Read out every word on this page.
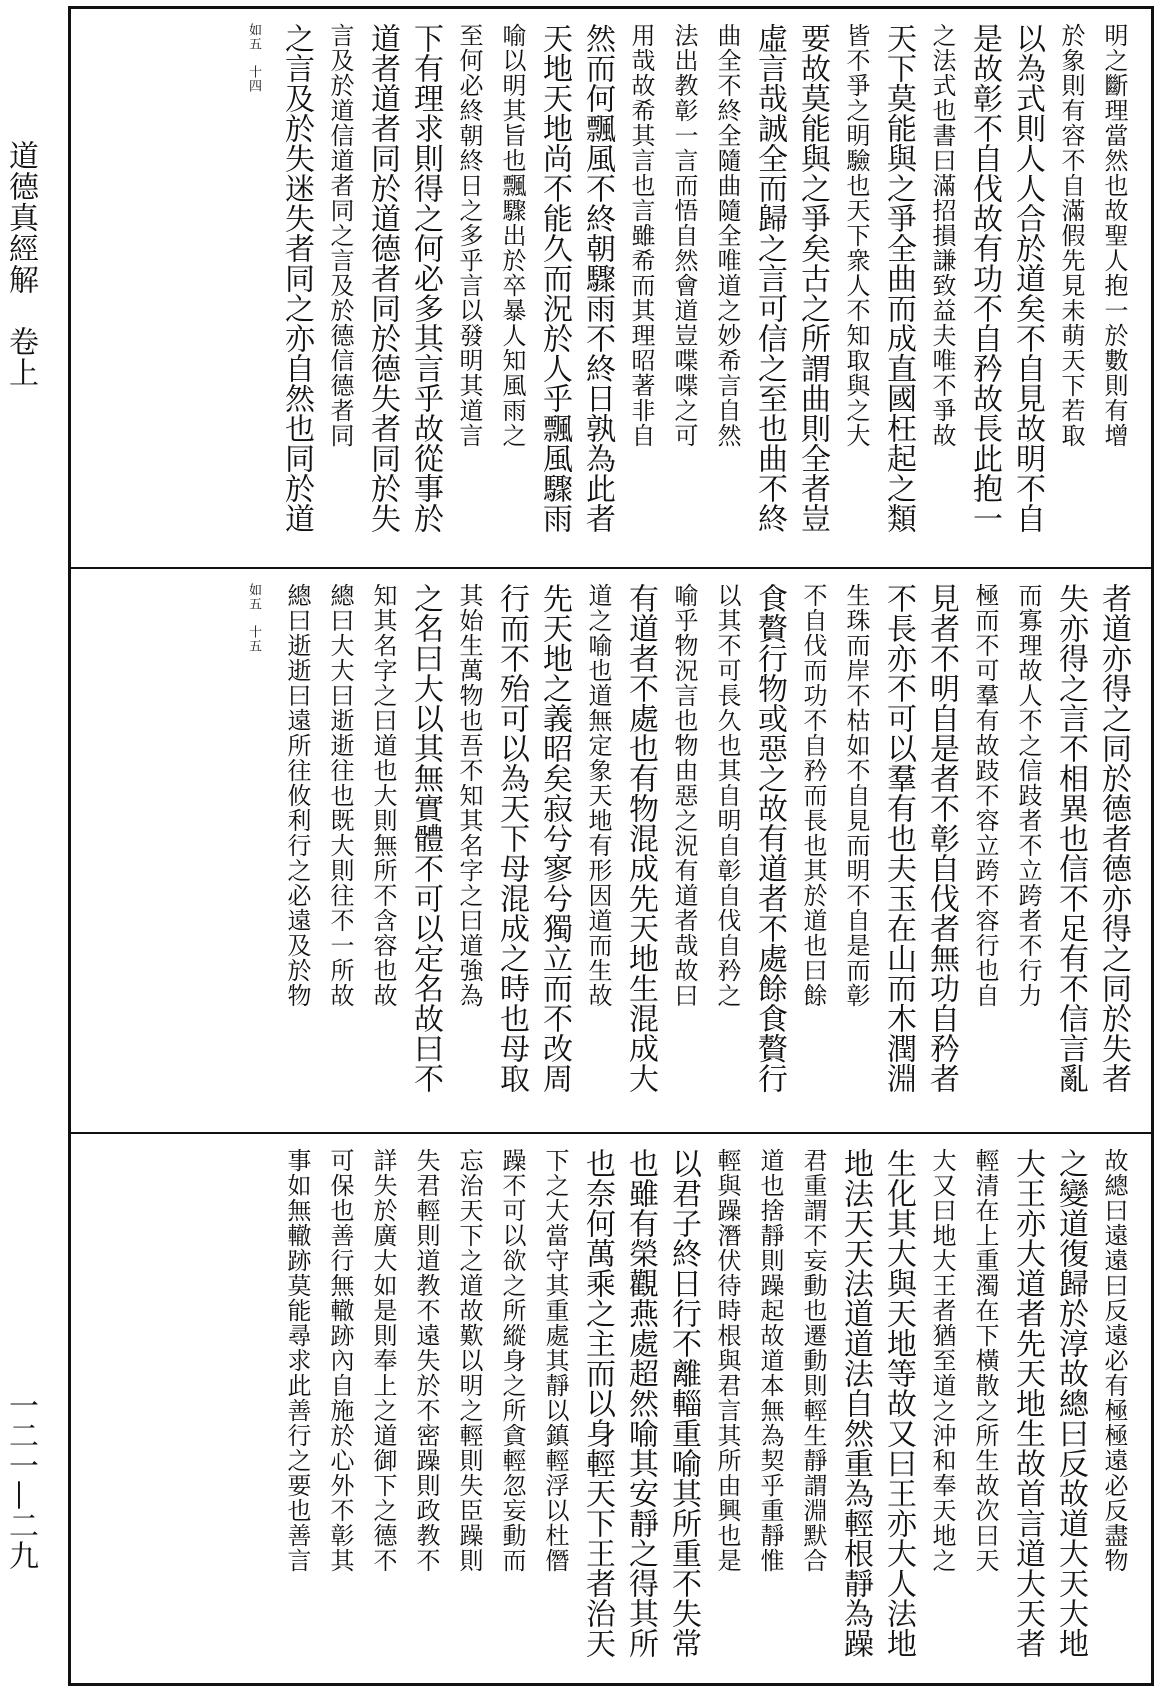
道德真經解　卷上
一二一—二九
明之斷理當然也故聖人抱一於數則有增
於象則有容不自滿假先見未萌天下若取
以為式則人人合於道矣不自見故明不自
是故彰不自伐故有功不自矜故長此抱一
之法式也書曰滿招損謙致益夫唯不爭故
天下莫能與之爭全曲而成直國枉起之類
皆不爭之明驗也天下衆人不知取與之大
要故莫能與之爭矣古之所謂曲則全者豈
虛言哉誠全而歸之言可信之至也曲不終
曲全不終全隨曲隨全唯道之妙希言自然
法出教彰一言而悟自然會道豈喋喋之可
用哉故希其言也言雖希而其理昭著非自
然而何飄風不終朝驟雨不終日孰為此者
天地天地尚不能久而況於人乎飄風驟雨
喻以明其旨也飄驟出於卒暴人知風雨之
至何必終朝終日之多乎言以發明其道言
下有理求則得之何必多其言乎故從事於
道者道者同於道德者同於德失者同於失
言及於道信道者同之言及於德信德者同
之言及於失迷失者同之亦自然也同於道
如五　十四
者道亦得之同於德者德亦得之同於失者
失亦得之言不相異也信不足有不信言亂
而寡理故人不之信跂者不立跨者不行力
極而不可羣有故跂不容立跨不容行也自
見者不明自是者不彰自伐者無功自矜者
不長亦不可以羣有也夫玉在山而木潤淵
生珠而岸不枯如不自見而明不自是而彰
不自伐而功不自矜而長也其於道也曰餘
食贅行物或惡之故有道者不處餘食贅行
以其不可長久也其自明自彰自伐自矜之
喻乎物況言也物由惡之況有道者哉故曰
有道者不處也有物混成先天地生混成大
道之喻也道無定象天地有形因道而生故
先天地之義昭矣寂兮寥兮獨立而不改周
行而不殆可以為天下母混成之時也母取
其始生萬物也吾不知其名字之曰道強為
之名曰大以其無實體不可以定名故曰不
知其名字之曰道也大則無所不含容也故
總曰大大曰逝逝往也既大則往不一所故
總曰逝逝曰遠所往攸利行之必遠及於物
如五　十五
故總曰遠遠曰反遠必有極極遠必反盡物
之變道復歸於淳故總曰反故道大天大地
大王亦大道者先天地生故首言道大天者
輕清在上重濁在下橫散之所生故次曰天
大又曰地大王者猶至道之沖和奉天地之
生化其大與天地等故又曰王亦大人法地
地法天天法道道法自然重為輕根靜為躁
君重謂不妄動也遷動則輕生靜謂淵默合
道也捨靜則躁起故道本無為契乎重靜惟
輕與躁潛伏待時根與君言其所由興也是
以君子終日行不離輜重喻其所重不失常
也雖有榮觀燕處超然喻其安靜之得其所
也奈何萬乘之主而以身輕天下王者治天
下之大當守其重處其靜以鎮輕浮以杜僭
躁不可以欲之所縱身之所貪輕忽妄動而
忘治天下之道故歎以明之輕則失臣躁則
失君輕則道教不遠失於不密躁則政教不
詳失於廣大如是則奉上之道御下之德不
可保也善行無轍跡內自施於心外不彰其
事如無轍跡莫能尋求此善行之要也善言
